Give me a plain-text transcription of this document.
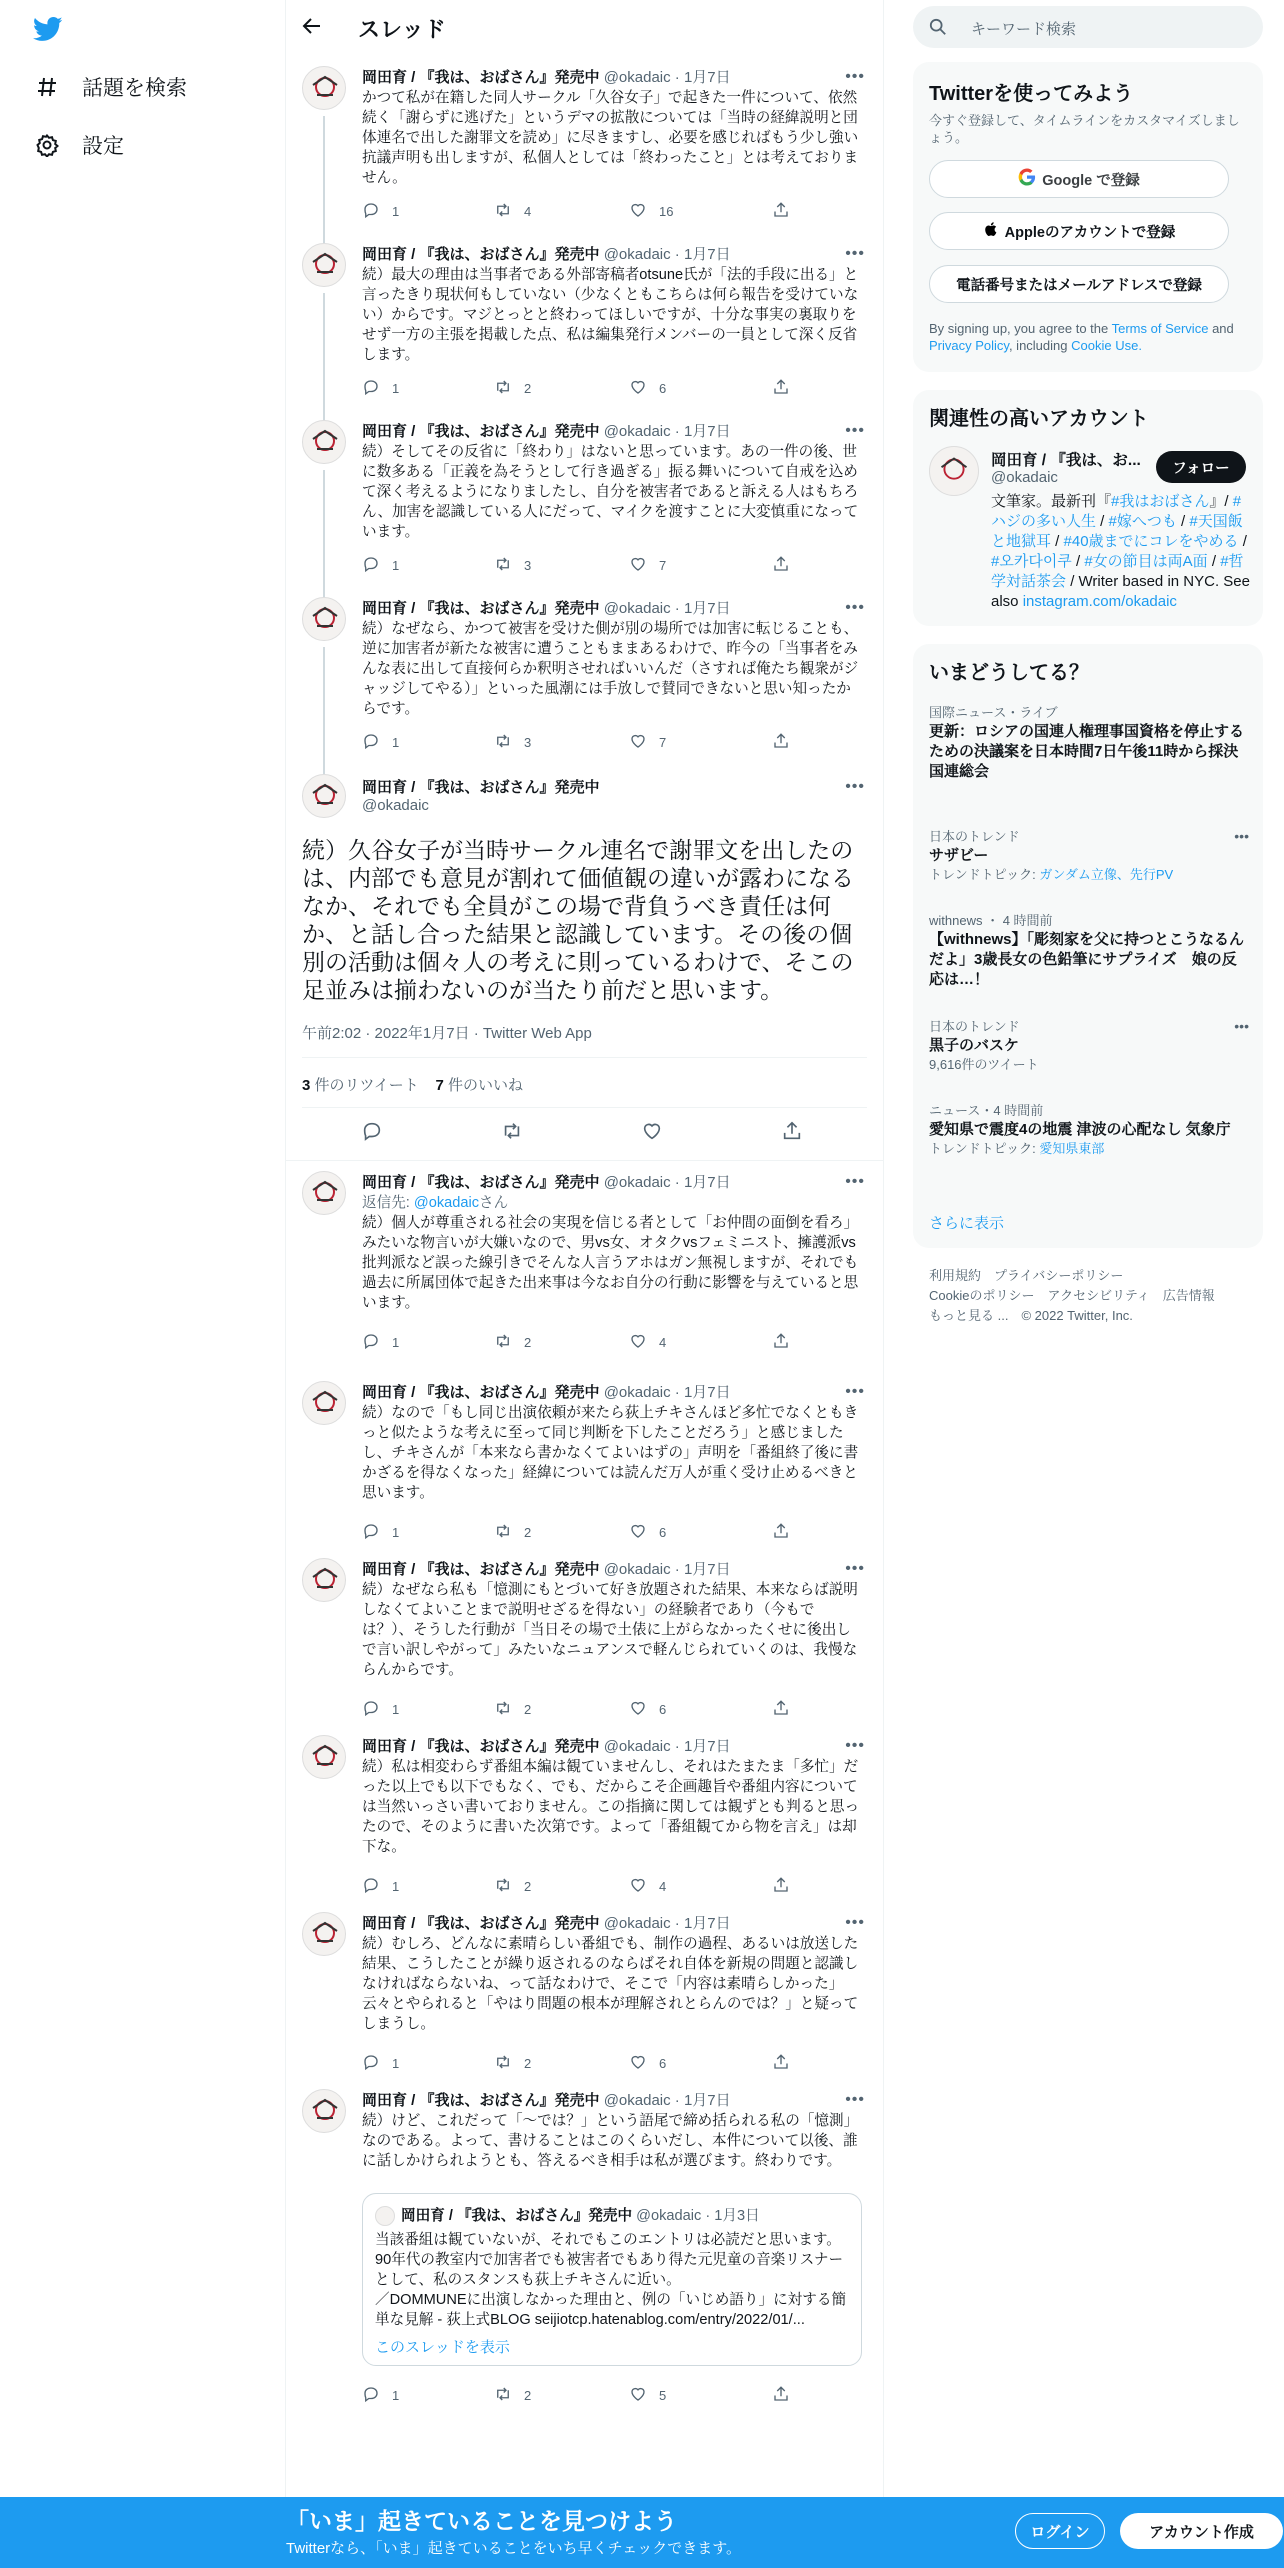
話題を検索
設定
スレッド
岡田育 / 『我は、おばさん』発売中
@okadaic
•••
続）久谷女子が当時サークル連名で謝罪文を出したのは、内部でも意見が割れて価値観の違いが露わになるなか、それでも全員がこの場で背負うべき責任は何か、と話し合った結果と認識しています。その後の個別の活動は個々人の考えに則っているわけで、そこの足並みは揃わないのが当たり前だと思います。
午前2:02 · 2022年1月7日 · Twitter Web App
3 件のリツイート 7 件のいいね
岡田育 / 『我は、おばさん』発売中 @okadaic · 1月3日
当該番組は観ていないが、それでもこのエントリは必読だと思います。90年代の教室内で加害者でも被害者でもあり得た元児童の音楽リスナーとして、私のスタンスも荻上チキさんに近い。
／DOMMUNEに出演しなかった理由と、例の「いじめ語り」に対する簡単な見解 - 荻上式BLOG seijiotcp.hatenablog.com/entry/2022/01/...
このスレッドを表示
岡田育 / 『我は、おばさん』発売中 @okadaic · 1月7日	•••
かつて私が在籍した同人サークル「久谷女子」で起きた一件について、依然続く「謝らずに逃げた」というデマの拡散については「当時の経緯説明と団体連名で出した謝罪文を読め」に尽きますし、必要を感じればもう少し強い抗議声明も出しますが、私個人としては「終わったこと」とは考えておりません。
1	4	16
岡田育 / 『我は、おばさん』発売中 @okadaic · 1月7日	•••
続）最大の理由は当事者である外部寄稿者otsune氏が「法的手段に出る」と言ったきり現状何もしていない（少なくともこちらは何ら報告を受けていない）からです。マジとっとと終わってほしいですが、十分な事実の裏取りをせず一方の主張を掲載した点、私は編集発行メンバーの一員として深く反省します。
1	2	6
岡田育 / 『我は、おばさん』発売中 @okadaic · 1月7日	•••
続）そしてその反省に「終わり」はないと思っています。あの一件の後、世に数多ある「正義を為そうとして行き過ぎる」振る舞いについて自戒を込めて深く考えるようになりましたし、自分を被害者であると訴える人はもちろん、加害を認識している人にだって、マイクを渡すことに大変慎重になっています。
1	3	7
岡田育 / 『我は、おばさん』発売中 @okadaic · 1月7日	•••
続）なぜなら、かつて被害を受けた側が別の場所では加害に転じることも、逆に加害者が新たな被害に遭うこともままあるわけで、昨今の「当事者をみんな表に出して直接何らか釈明させればいいんだ（さすれば俺たち観衆がジャッジしてやる）」といった風潮には手放しで賛同できないと思い知ったからです。
1	3	7
岡田育 / 『我は、おばさん』発売中 @okadaic · 1月7日	•••
返信先: @okadaicさん
続）個人が尊重される社会の実現を信じる者として「お仲間の面倒を看ろ」みたいな物言いが大嫌いなので、男vs女、オタクvsフェミニスト、擁護派vs批判派など誤った線引きでそんな人言うアホはガン無視しますが、それでも過去に所属団体で起きた出来事は今なお自分の行動に影響を与えていると思います。
1	2	4
岡田育 / 『我は、おばさん』発売中 @okadaic · 1月7日	•••
続）なので「もし同じ出演依頼が来たら荻上チキさんほど多忙でなくともきっと似たような考えに至って同じ判断を下したことだろう」と感じましたし、チキさんが「本来なら書かなくてよいはずの」声明を「番組終了後に書かざるを得なくなった」経緯については読んだ万人が重く受け止めるべきと思います。
1	2	6
岡田育 / 『我は、おばさん』発売中 @okadaic · 1月7日	•••
続）なぜなら私も「憶測にもとづいて好き放題された結果、本来ならば説明しなくてよいことまで説明せざるを得ない」の経験者であり（今もでは？）、そうした行動が「当日その場で土俵に上がらなかったくせに後出しで言い訳しやがって」みたいなニュアンスで軽んじられていくのは、我慢ならんからです。
1	2	6
岡田育 / 『我は、おばさん』発売中 @okadaic · 1月7日	•••
続）私は相変わらず番組本編は観ていませんし、それはたまたま「多忙」だった以上でも以下でもなく、でも、だからこそ企画趣旨や番組内容については当然いっさい書いておりません。この指摘に関しては観ずとも判ると思ったので、そのように書いた次第です。よって「番組観てから物を言え」は却下な。
1	2	4
岡田育 / 『我は、おばさん』発売中 @okadaic · 1月7日	•••
続）むしろ、どんなに素晴らしい番組でも、制作の過程、あるいは放送した結果、こうしたことが繰り返されるのならばそれ自体を新規の問題と認識しなければならないね、って話なわけで、そこで「内容は素晴らしかった」云々とやられると「やはり問題の根本が理解されとらんのでは？」と疑ってしまうし。
1	2	6
岡田育 / 『我は、おばさん』発売中 @okadaic · 1月7日	•••
続）けど、これだって「〜では？」という語尾で締め括られる私の「憶測」なのである。よって、書けることはこのくらいだし、本件について以後、誰に話しかけられようとも、答えるべき相手は私が選びます。終わりです。
1	2	5
キーワード検索
Twitterを使ってみよう
今すぐ登録して、タイムラインをカスタマイズしましょう。
Google で登録
Appleのアカウントで登録
電話番号またはメールアドレスで登録
By signing up, you agree to the Terms of Service and Privacy Policy, including Cookie Use.
関連性の高いアカウント
岡田育 / 『我は、お...
@okadaic
フォロー
文筆家。最新刊『#我はおばさん』/ #ハジの多い人生 / #嫁へつも / #天国飯と地獄耳 / #40歳までにコレをやめる / #오카다이쿠 / #女の節目は両A面 / #哲学対話茶会 / Writer based in NYC. See also instagram.com/okadaic
いまどうしてる？
国際ニュース・ライブ
更新：ロシアの国連人権理事国資格を停止するための決議案を日本時間7日午後11時から採決 国連総会
日本のトレンド	•••
サザビー
トレンドトピック: ガンダム立像、先行PV
withnews ・ 4 時間前
【withnews】「彫刻家を父に持つとこうなるんだよ」3歳長女の色鉛筆にサプライズ　娘の反応は…！
日本のトレンド	•••
黒子のバスケ
9,616件のツイート
ニュース・4 時間前
愛知県で震度4の地震 津波の心配なし 気象庁
トレンドトピック: 愛知県東部
さらに表示
利用規約　プライバシーポリシー
Cookieのポリシー　アクセシビリティ　広告情報
もっと見る ...　© 2022 Twitter, Inc.
「いま」起きていることを見つけよう
Twitterなら、「いま」起きていることをいち早くチェックできます。
ログイン	アカウント作成
